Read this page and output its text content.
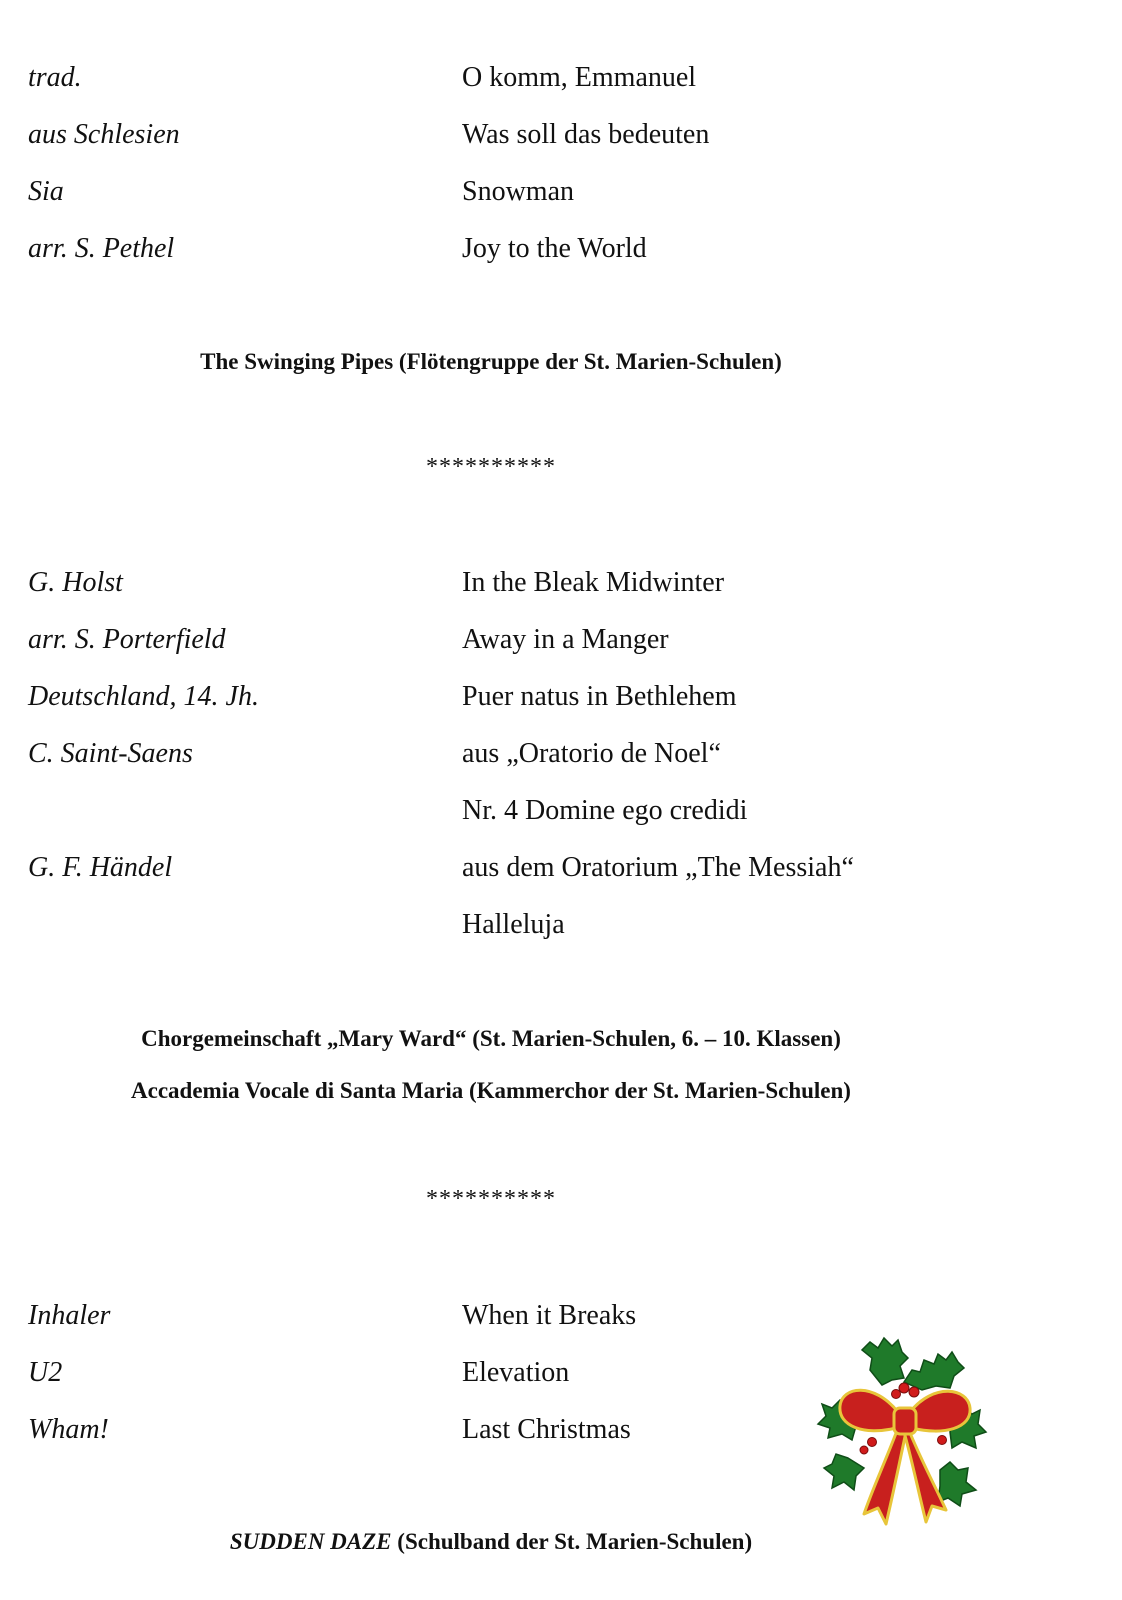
trad.	O komm, Emmanuel
aus Schlesien	Was soll das bedeuten
Sia	Snowman
arr. S. Pethel	Joy to the World
The Swinging Pipes (Flötengruppe der St. Marien-Schulen)
**********
G. Holst	In the Bleak Midwinter
arr. S. Porterfield	Away in a Manger
Deutschland, 14. Jh.	Puer natus in Bethlehem
C. Saint-Saens	aus „Oratorio de Noel“
Nr. 4 Domine ego credidi
G. F. Händel	aus dem Oratorium „The Messiah“
Halleluja
Chorgemeinschaft „Mary Ward“ (St. Marien-Schulen, 6. – 10. Klassen)
Accademia Vocale di Santa Maria (Kammerchor der St. Marien-Schulen)
**********
Inhaler	When it Breaks
U2	Elevation
Wham!	Last Christmas
SUDDEN DAZE (Schulband der St. Marien-Schulen)
